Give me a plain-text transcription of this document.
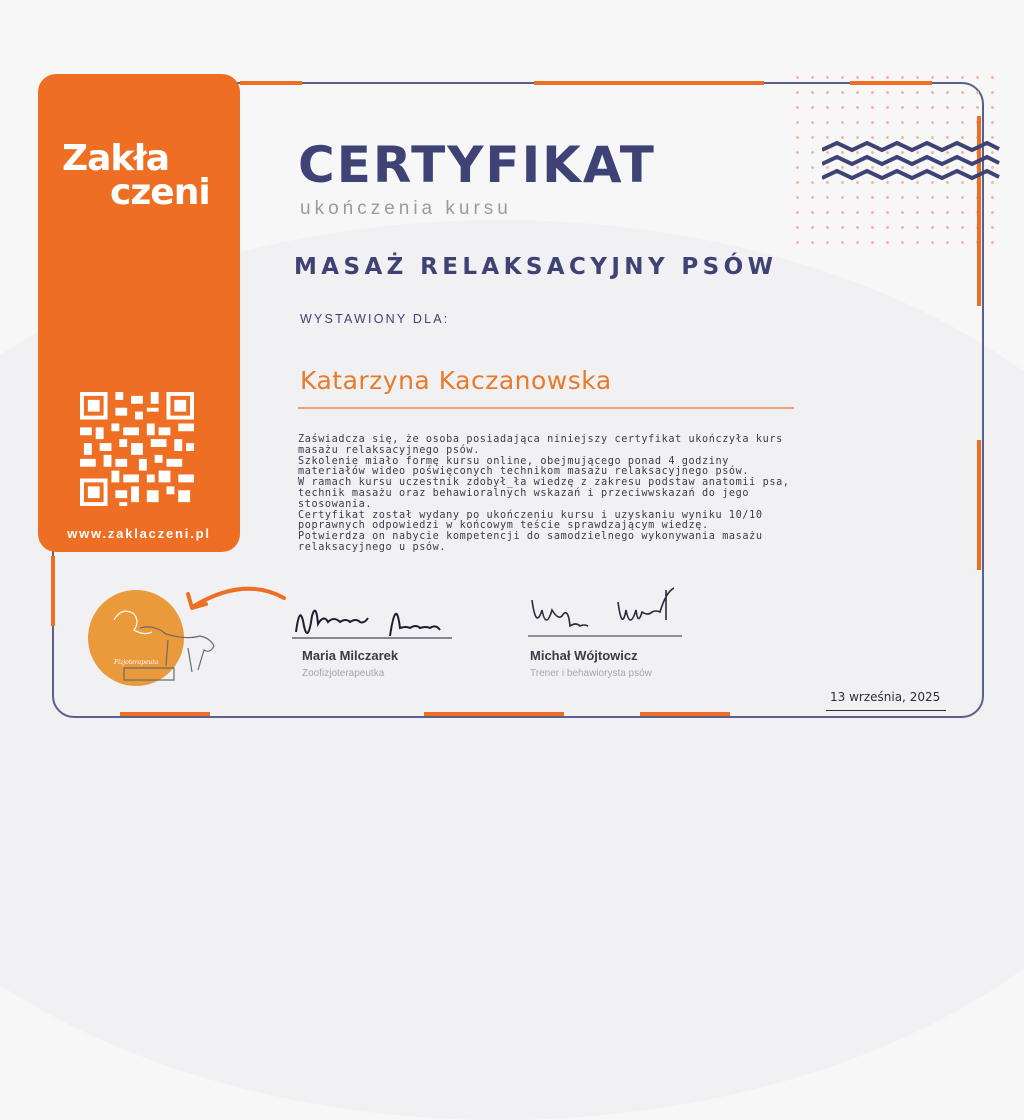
Zakła
czeni
www.zaklaczeni.pl
CERTYFIKAT
ukończenia kursu
MASAŻ RELAKSACYJNY PSÓW
WYSTAWIONY DLA:
Katarzyna Kaczanowska

Zaświadcza się, że osoba posiadająca niniejszy certyfikat ukończyła kurs

masażu relaksacyjnego psów.

Szkolenie miało formę kursu online, obejmującego ponad 4 godziny

materiałów wideo poświęconych technikom masażu relaksacyjnego psów.

W ramach kursu uczestnik zdobył_ła wiedzę z zakresu podstaw anatomii psa,

technik masażu oraz behawioralnych wskazań i przeciwwskazań do jego

stosowania.

Certyfikat został wydany po ukończeniu kursu i uzyskaniu wyniku 10/10

poprawnych odpowiedzi w końcowym teście sprawdzającym wiedzę.

Potwierdza on nabycie kompetencji do samodzielnego wykonywania masażu

relaksacyjnego u psów.

Fizjoterapeuta	Maria Milczarek
Zoofizjoterapeutka
Michał Wójtowicz
Trener i behawiorysta psów
13 września, 2025
